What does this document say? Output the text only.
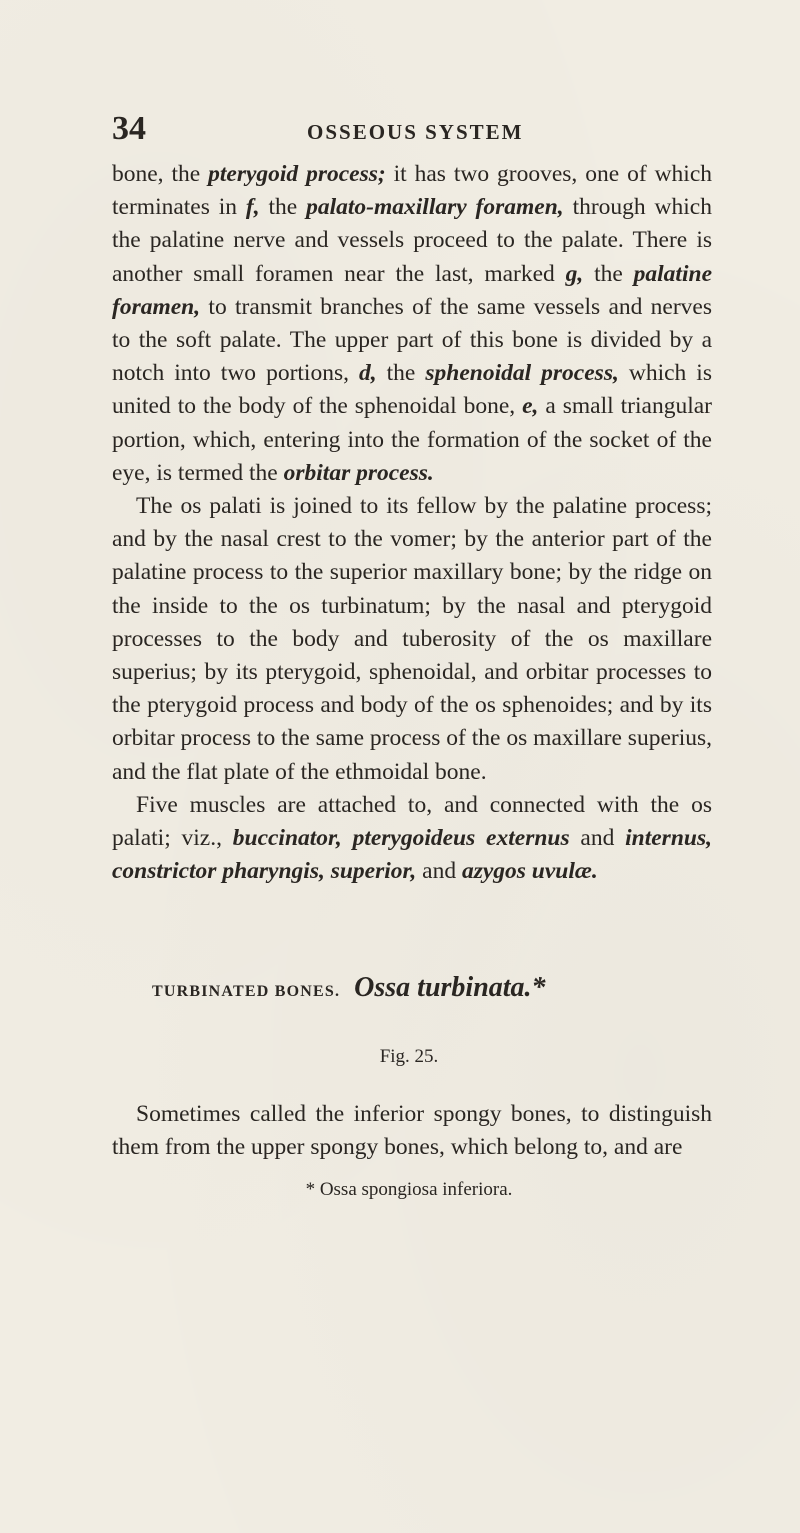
34	OSSEOUS SYSTEM

bone, the pterygoid process; it has two grooves, one of which terminates in f, the palato-maxillary foramen, through which the palatine nerve and vessels proceed to the palate. There is another small foramen near the last, marked g, the palatine foramen, to transmit branches of the same vessels and nerves to the soft palate. The upper part of this bone is divided by a notch into two portions, d, the sphenoidal process, which is united to the body of the sphenoidal bone, e, a small triangular portion, which, entering into the formation of the socket of the eye, is termed the orbitar process.

The os palati is joined to its fellow by the palatine process; and by the nasal crest to the vomer; by the anterior part of the palatine process to the superior maxillary bone; by the ridge on the inside to the os turbinatum; by the nasal and pterygoid processes to the body and tuberosity of the os maxillare superius; by its pterygoid, sphenoidal, and orbitar processes to the pterygoid process and body of the os sphenoides; and by its orbitar process to the same process of the os maxillare superius, and the flat plate of the ethmoidal bone.

Five muscles are attached to, and connected with the os palati; viz., buccinator, pterygoideus externus and internus, constrictor pharyngis, superior, and azygos uvulæ.

TURBINATED BONES. Ossa turbinata.*
Fig. 25.
Sometimes called the inferior spongy bones, to distinguish them from the upper spongy bones, which belong to, and are
* Ossa spongiosa inferiora.
